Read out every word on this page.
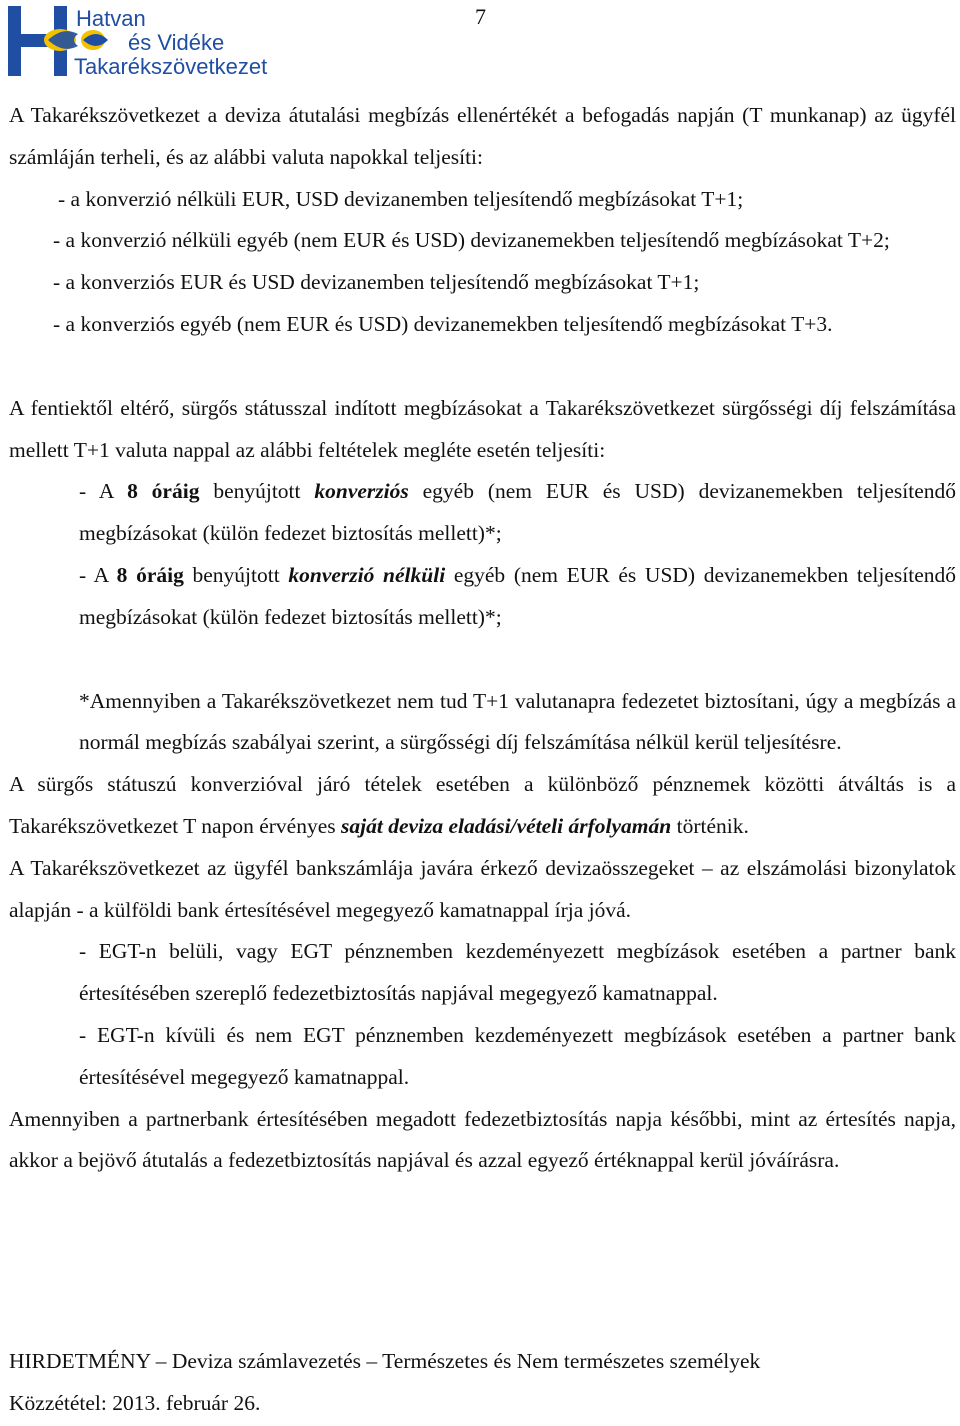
Hatvan
és Vidéke
Takarékszövetkezet
7

A Takarékszövetkezet a deviza átutalási megbízás ellenértékét a befogadás napján (T munkanap) az ügyfél számláján terheli, és az alábbi valuta napokkal teljesíti:

- a konverzió nélküli EUR, USD devizanemben teljesítendő megbízásokat T+1;

- a konverzió nélküli egyéb (nem EUR és USD) devizanemekben teljesítendő megbízásokat T+2;

- a konverziós EUR és USD devizanemben teljesítendő megbízásokat T+1;

- a konverziós egyéb (nem EUR és USD) devizanemekben teljesítendő megbízásokat T+3.

A fentiektől eltérő, sürgős státusszal indított megbízásokat a Takarékszövetkezet sürgősségi díj felszámítása mellett T+1 valuta nappal az alábbi feltételek megléte esetén teljesíti:

- A 8 óráig benyújtott konverziós egyéb (nem EUR és USD) devizanemekben teljesítendő megbízásokat (külön fedezet biztosítás mellett)*;

- A 8 óráig benyújtott konverzió nélküli egyéb (nem EUR és USD) devizanemekben teljesítendő megbízásokat (külön fedezet biztosítás mellett)*;

*Amennyiben a Takarékszövetkezet nem tud T+1 valutanapra fedezetet biztosítani, úgy a megbízás a normál megbízás szabályai szerint, a sürgősségi díj felszámítása nélkül kerül teljesítésre.

A sürgős státuszú konverzióval járó tételek esetében a különböző pénznemek közötti átváltás is a Takarékszövetkezet T napon érvényes saját deviza eladási/vételi árfolyamán történik.

A Takarékszövetkezet az ügyfél bankszámlája javára érkező devizaösszegeket – az elszámolási bizonylatok alapján - a külföldi bank értesítésével megegyező kamatnappal írja jóvá.

- EGT-n belüli, vagy EGT pénznemben kezdeményezett megbízások esetében a partner bank értesítésében szereplő fedezetbiztosítás napjával megegyező kamatnappal.

- EGT-n kívüli és nem EGT pénznemben kezdeményezett megbízások esetében a partner bank értesítésével megegyező kamatnappal.

Amennyiben a partnerbank értesítésében megadott fedezetbiztosítás napja későbbi, mint az értesítés napja, akkor a bejövő átutalás a fedezetbiztosítás napjával és azzal egyező értéknappal kerül jóváírásra.

HIRDETMÉNY – Deviza számlavezetés – Természetes és Nem természetes személyek

Közzététel: 2013. február 26.
